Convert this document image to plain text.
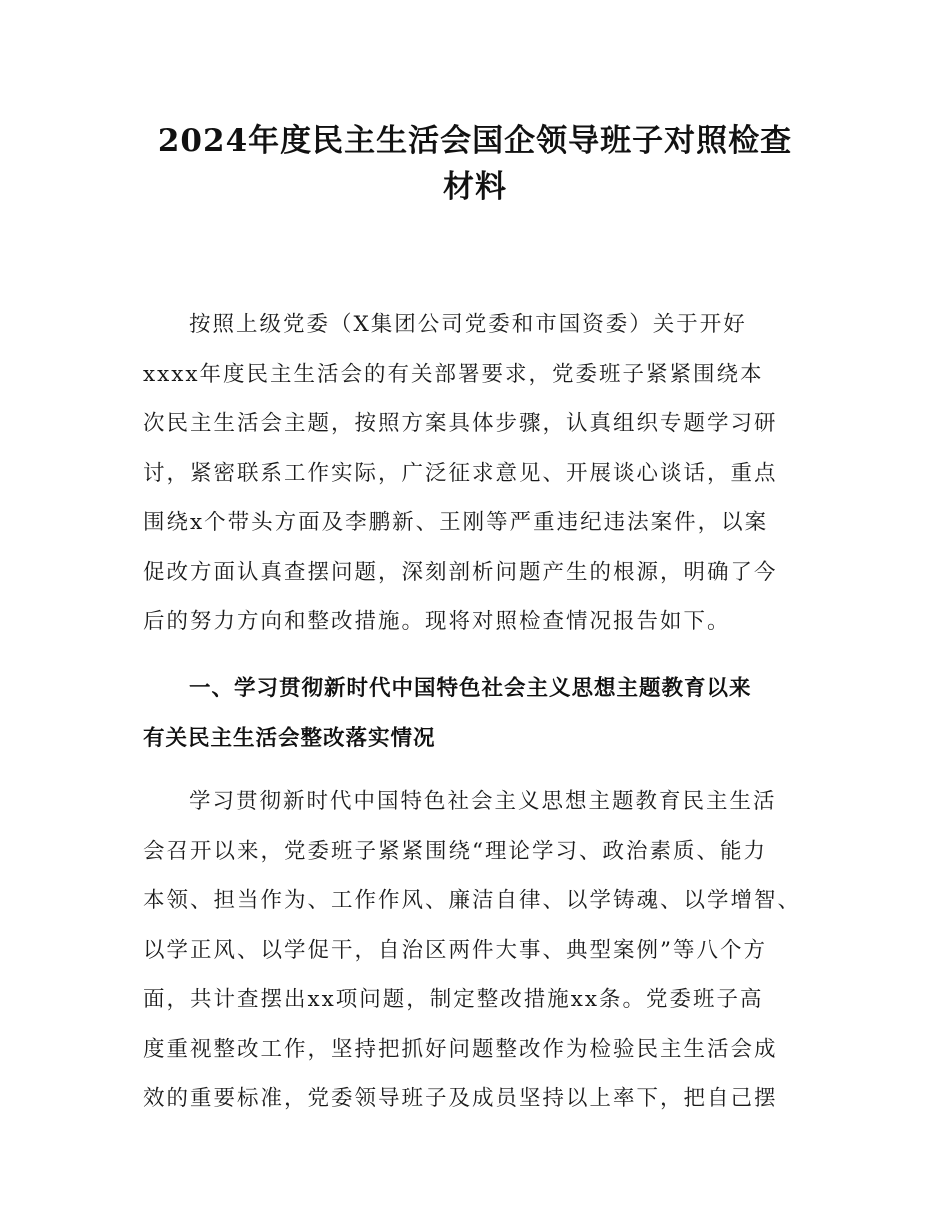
2024年度民主生活会国企领导班子对照检查
材料
按照上级党委（X集团公司党委和市国资委）关于开好
xxxx年度民主生活会的有关部署要求，党委班子紧紧围绕本
次民主生活会主题，按照方案具体步骤，认真组织专题学习研
讨，紧密联系工作实际，广泛征求意见、开展谈心谈话，重点
围绕x个带头方面及李鹏新、王刚等严重违纪违法案件，以案
促改方面认真查摆问题，深刻剖析问题产生的根源，明确了今
后的努力方向和整改措施。现将对照检查情况报告如下。
一、学习贯彻新时代中国特色社会主义思想主题教育以来
有关民主生活会整改落实情况
学习贯彻新时代中国特色社会主义思想主题教育民主生活
会召开以来，党委班子紧紧围绕“理论学习、政治素质、能力
本领、担当作为、工作作风、廉洁自律、以学铸魂、以学增智、
以学正风、以学促干，自治区两件大事、典型案例”等八个方
面，共计查摆出xx项问题，制定整改措施xx条。党委班子高
度重视整改工作，坚持把抓好问题整改作为检验民主生活会成
效的重要标准，党委领导班子及成员坚持以上率下，把自己摆
